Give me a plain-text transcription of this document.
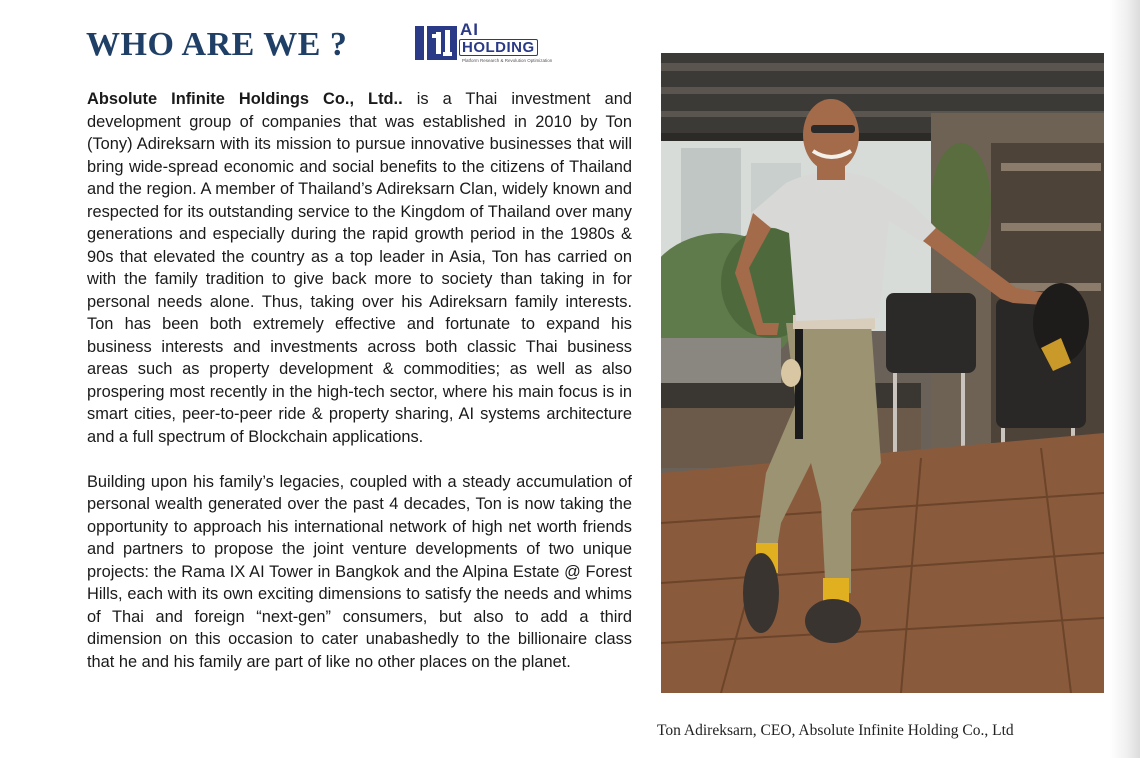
WHO ARE WE ?	AI
HOLDING
Platform Research & Revolution Optimization

Absolute Infinite Holdings Co., Ltd.. is a Thai investment and development group of companies that was established in 2010 by Ton (Tony) Adireksarn with its mission to pursue innovative businesses that will bring wide-spread economic and social benefits to the citizens of Thailand and the region. A member of Thailand’s Adireksarn Clan, widely known and respected for its outstanding service to the Kingdom of Thailand over many generations and especially during the rapid growth period in the 1980s & 90s that elevated the country as a top leader in Asia, Ton has carried on with the family tradition to give back more to society than taking in for personal needs alone. Thus, taking over his Adireksarn family interests. Ton has been both extremely effective and fortunate to expand his business interests and investments across both classic Thai business areas such as property development & commodities; as well as also prospering most recently in the high-tech sector, where his main focus is in smart cities, peer-to-peer ride & property sharing, AI systems architecture and a full spectrum of Blockchain applications.

Building upon his family’s legacies, coupled with a steady accumulation of personal wealth generated over the past 4 decades, Ton is now taking the opportunity to approach his international network of high net worth friends and partners to propose the joint venture developments of two unique projects: the Rama IX AI Tower in Bangkok and the Alpina Estate @ Forest Hills, each with its own exciting dimensions to satisfy the needs and whims of Thai and foreign “next-gen” consumers, but also to add a third dimension on this occasion to cater unabashedly to the billionaire class that he and his family are part of like no other places on the planet.

Ton Adireksarn, CEO, Absolute Infinite Holding Co., Ltd
